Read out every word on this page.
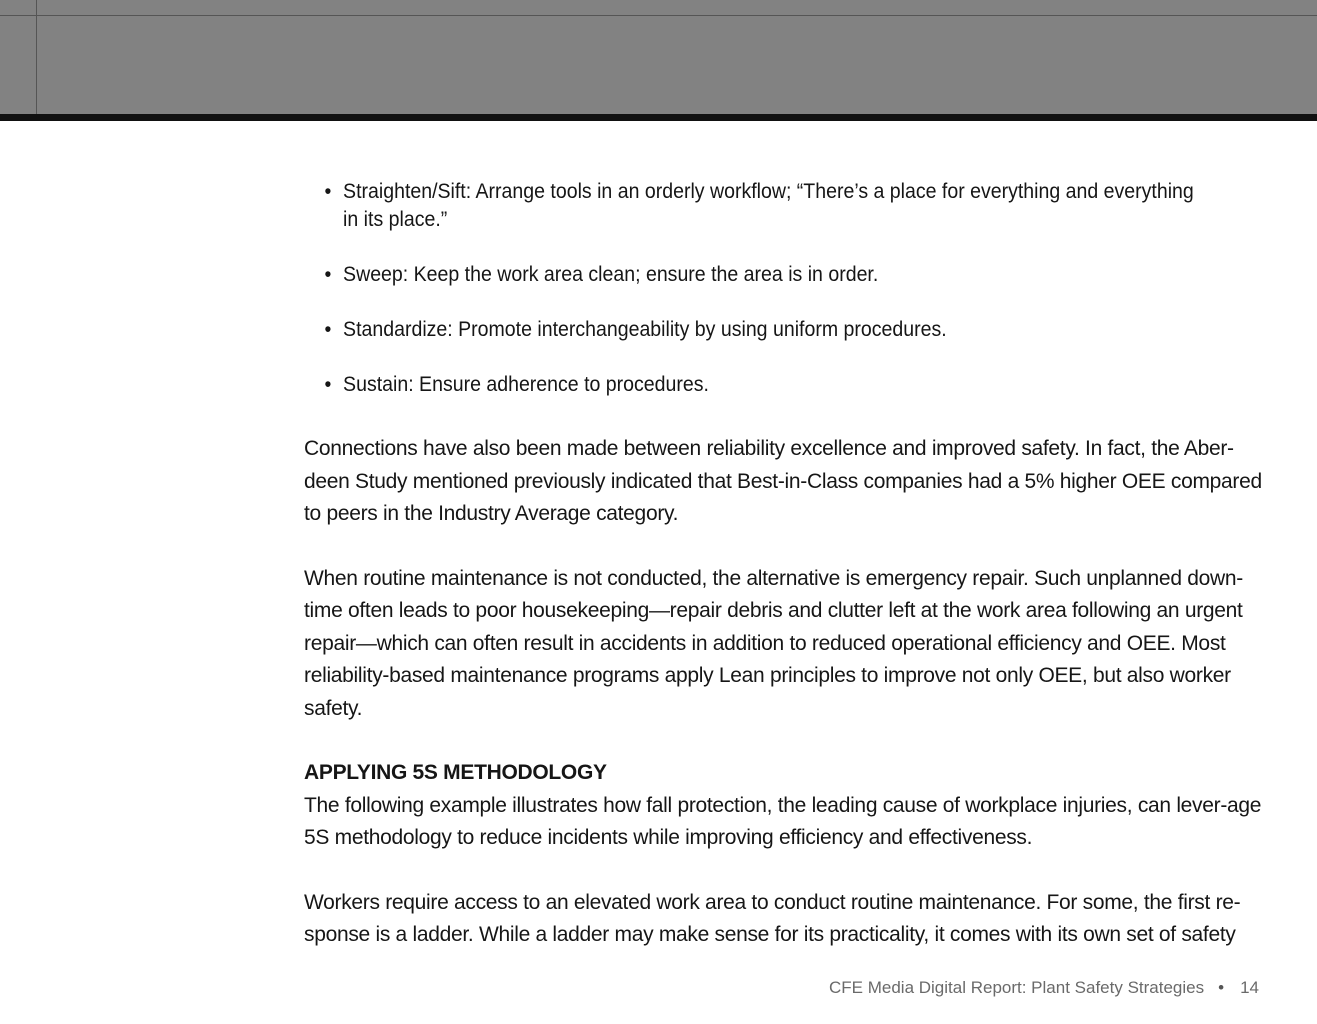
• Straighten/Sift: Arrange tools in an orderly workflow; “There’s a place for everything and everything in its place.”
• Sweep: Keep the work area clean; ensure the area is in order.
• Standardize: Promote interchangeability by using uniform procedures.
• Sustain: Ensure adherence to procedures.

Connections have also been made between reliability excellence and improved safety. In fact, the Aber-deen Study mentioned previously indicated that Best-in-Class companies had a 5% higher OEE compared to peers in the Industry Average category.

When routine maintenance is not conducted, the alternative is emergency repair. Such unplanned down-time often leads to poor housekeeping—repair debris and clutter left at the work area following an urgent repair—which can often result in accidents in addition to reduced operational efficiency and OEE. Most reliability-based maintenance programs apply Lean principles to improve not only OEE, but also worker safety.

APPLYING 5S METHODOLOGY

The following example illustrates how fall protection, the leading cause of workplace injuries, can lever-age 5S methodology to reduce incidents while improving efficiency and effectiveness.

Workers require access to an elevated work area to conduct routine maintenance. For some, the first re-sponse is a ladder. While a ladder may make sense for its practicality, it comes with its own set of safety

CFE Media Digital Report: Plant Safety Strategies • 14
